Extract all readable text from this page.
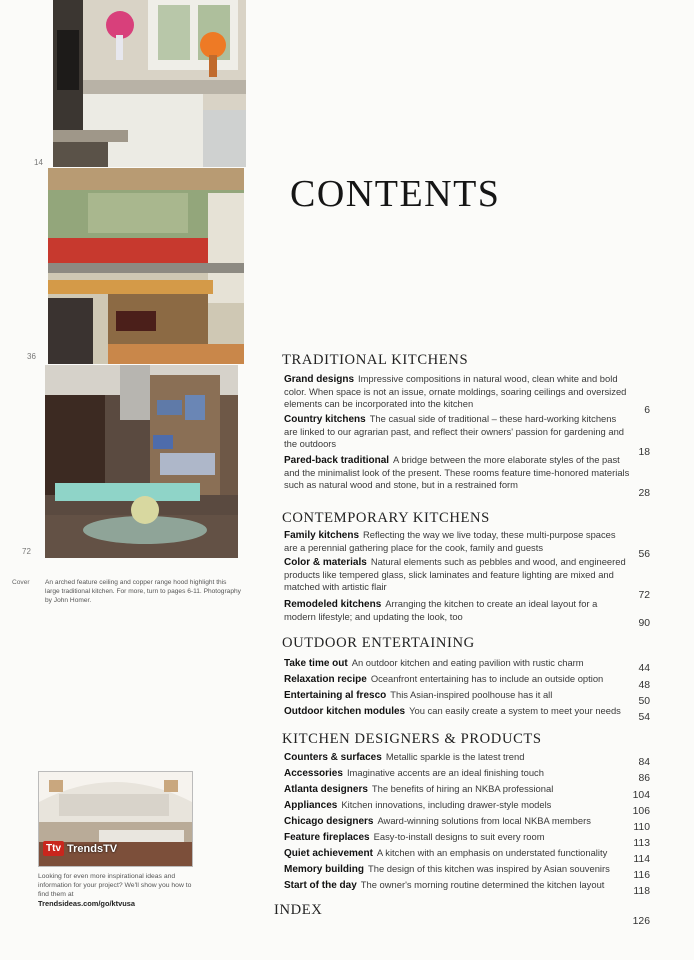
14
36
72
Cover An arched feature ceiling and copper range hood highlight this large traditional kitchen. For more, turn to pages 6-11. Photography by John Homer.
Ttv TrendsTV
Looking for even more inspirational ideas and information for your project? We'll show you how to find them at
Trendsideas.com/go/ktvusa
CONTENTS
TRADITIONAL KITCHENS
Grand designs Impressive compositions in natural wood, clean white and bold color. When space is not an issue, ornate moldings, soaring ceilings and oversized elements can be incorporated into the kitchen
6
Country kitchens The casual side of traditional – these hard-working kitchens are linked to our agrarian past, and reflect their owners' passion for gardening and the outdoors
18
Pared-back traditional A bridge between the more elaborate styles of the past and the minimalist look of the present. These rooms feature time-honored materials such as natural wood and stone, but in a restrained form
28
CONTEMPORARY KITCHENS
Family kitchens Reflecting the way we live today, these multi-purpose spaces are a perennial gathering place for the cook, family and guests
56
Color & materials Natural elements such as pebbles and wood, and engineered products like tempered glass, slick laminates and feature lighting are mixed and matched with artistic flair
72
Remodeled kitchens Arranging the kitchen to create an ideal layout for a modern lifestyle; and updating the look, too
90
OUTDOOR ENTERTAINING
Take time out An outdoor kitchen and eating pavilion with rustic charm
44
Relaxation recipe Oceanfront entertaining has to include an outside option
48
Entertaining al fresco This Asian-inspired poolhouse has it all
50
Outdoor kitchen modules You can easily create a system to meet your needs
54
KITCHEN DESIGNERS & PRODUCTS
Counters & surfaces Metallic sparkle is the latest trend
84
Accessories Imaginative accents are an ideal finishing touch
86
Atlanta designers The benefits of hiring an NKBA professional
104
Appliances Kitchen innovations, including drawer-style models
106
Chicago designers Award-winning solutions from local NKBA members
110
Feature fireplaces Easy-to-install designs to suit every room
113
Quiet achievement A kitchen with an emphasis on understated functionality
114
Memory building The design of this kitchen was inspired by Asian souvenirs
116
Start of the day The owner's morning routine determined the kitchen layout
118
INDEX
126
